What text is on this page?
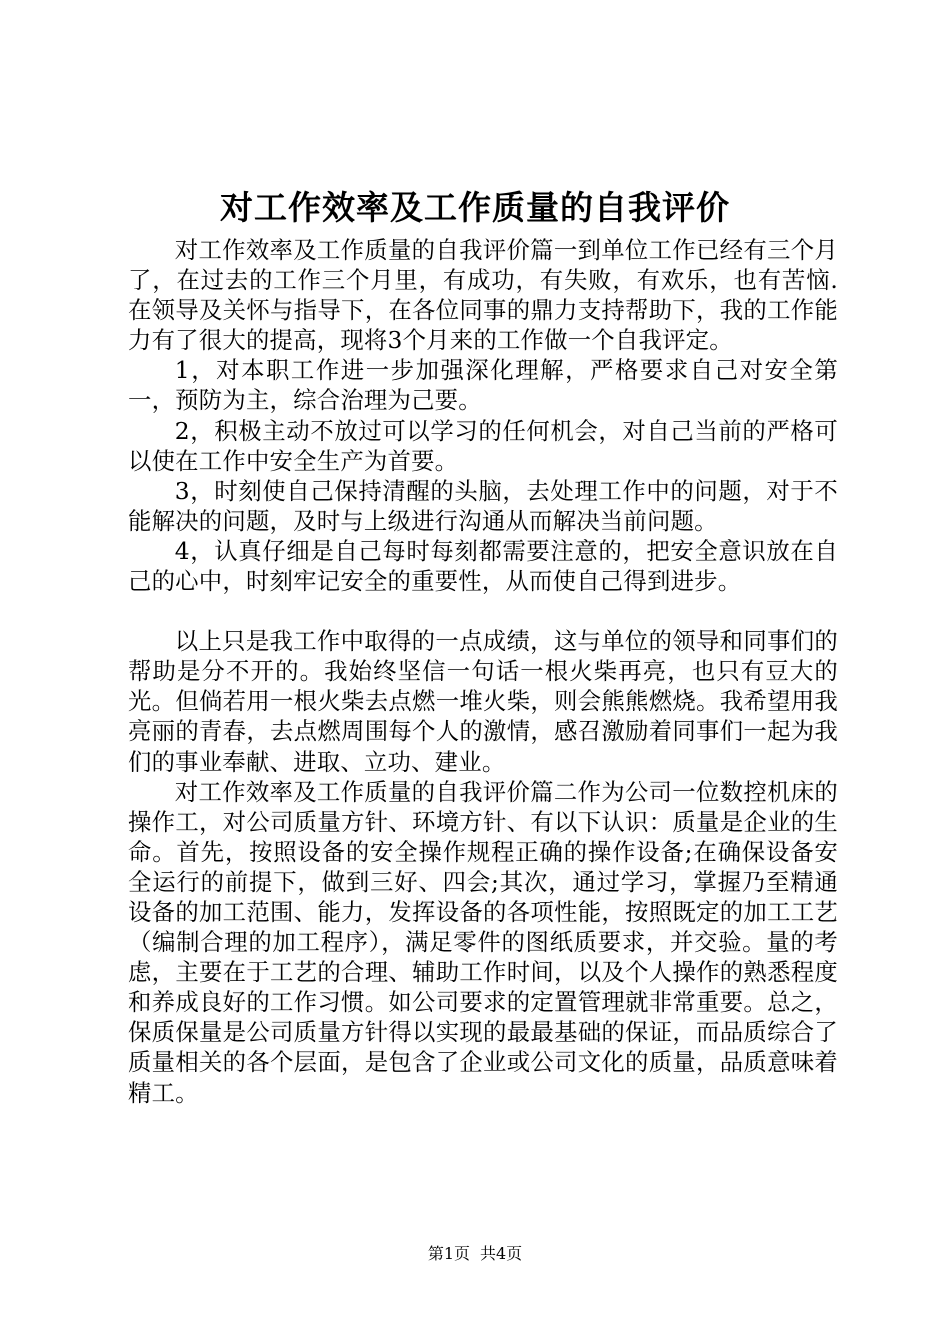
对工作效率及工作质量的自我评价

对工作效率及工作质量的自我评价篇一到单位工作已经有三个月了，在过去的工作三个月里，有成功，有失败，有欢乐，也有苦恼.在领导及关怀与指导下，在各位同事的鼎力支持帮助下，我的工作能力有了很大的提高，现将3个月来的工作做一个自我评定。

1，对本职工作进一步加强深化理解，严格要求自己对安全第一，预防为主，综合治理为己要。

2，积极主动不放过可以学习的任何机会，对自己当前的严格可以使在工作中安全生产为首要。

3，时刻使自己保持清醒的头脑，去处理工作中的问题，对于不能解决的问题，及时与上级进行沟通从而解决当前问题。

4，认真仔细是自己每时每刻都需要注意的，把安全意识放在自己的心中，时刻牢记安全的重要性，从而使自己得到进步。

以上只是我工作中取得的一点成绩，这与单位的领导和同事们的帮助是分不开的。我始终坚信一句话一根火柴再亮，也只有豆大的光。但倘若用一根火柴去点燃一堆火柴，则会熊熊燃烧。我希望用我亮丽的青春，去点燃周围每个人的激情，感召激励着同事们一起为我们的事业奉献、进取、立功、建业。

对工作效率及工作质量的自我评价篇二作为公司一位数控机床的操作工，对公司质量方针、环境方针、有以下认识：质量是企业的生命。首先，按照设备的安全操作规程正确的操作设备;在确保设备安全运行的前提下，做到三好、四会;其次，通过学习，掌握乃至精通设备的加工范围、能力，发挥设备的各项性能，按照既定的加工工艺（编制合理的加工程序），满足零件的图纸质要求，并交验。量的考虑，主要在于工艺的合理、辅助工作时间，以及个人操作的熟悉程度和养成良好的工作习惯。如公司要求的定置管理就非常重要。总之，保质保量是公司质量方针得以实现的最最基础的保证，而品质综合了质量相关的各个层面，是包含了企业或公司文化的质量，品质意味着精工。

第1页 共4页
